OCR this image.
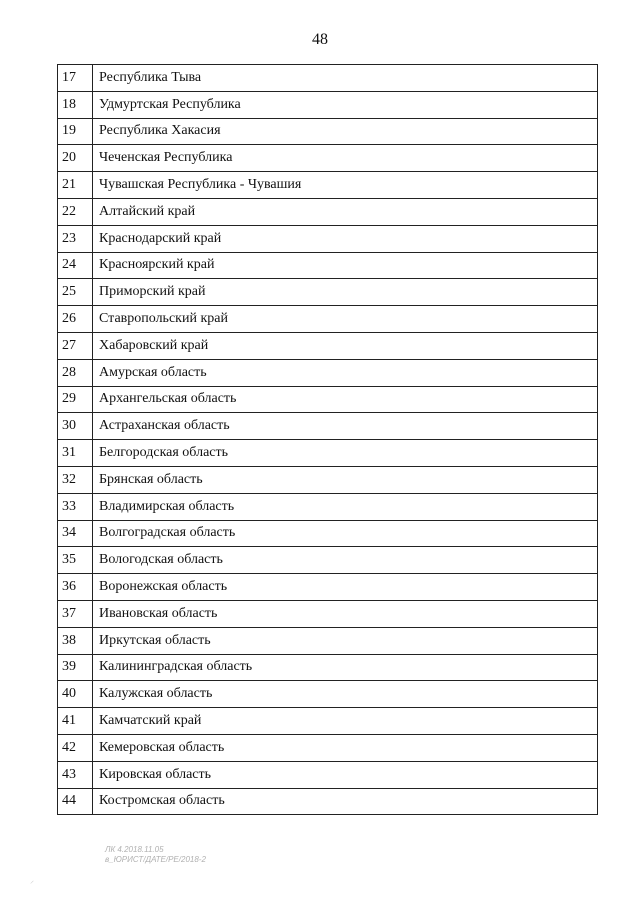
48
17	Республика Тыва
18	Удмуртская Республика
19	Республика Хакасия
20	Чеченская Республика
21	Чувашская Республика - Чувашия
22	Алтайский край
23	Краснодарский край
24	Красноярский край
25	Приморский край
26	Ставропольский край
27	Хабаровский край
28	Амурская область
29	Архангельская область
30	Астраханская область
31	Белгородская область
32	Брянская область
33	Владимирская область
34	Волгоградская область
35	Вологодская область
36	Воронежская область
37	Ивановская область
38	Иркутская область
39	Калининградская область
40	Калужская область
41	Камчатский край
42	Кемеровская область
43	Кировская область
44	Костромская область
ЛК 4.2018.11.05
в_ЮРИСТ/ДАТЕ/РЕ/2018-2
⸝
